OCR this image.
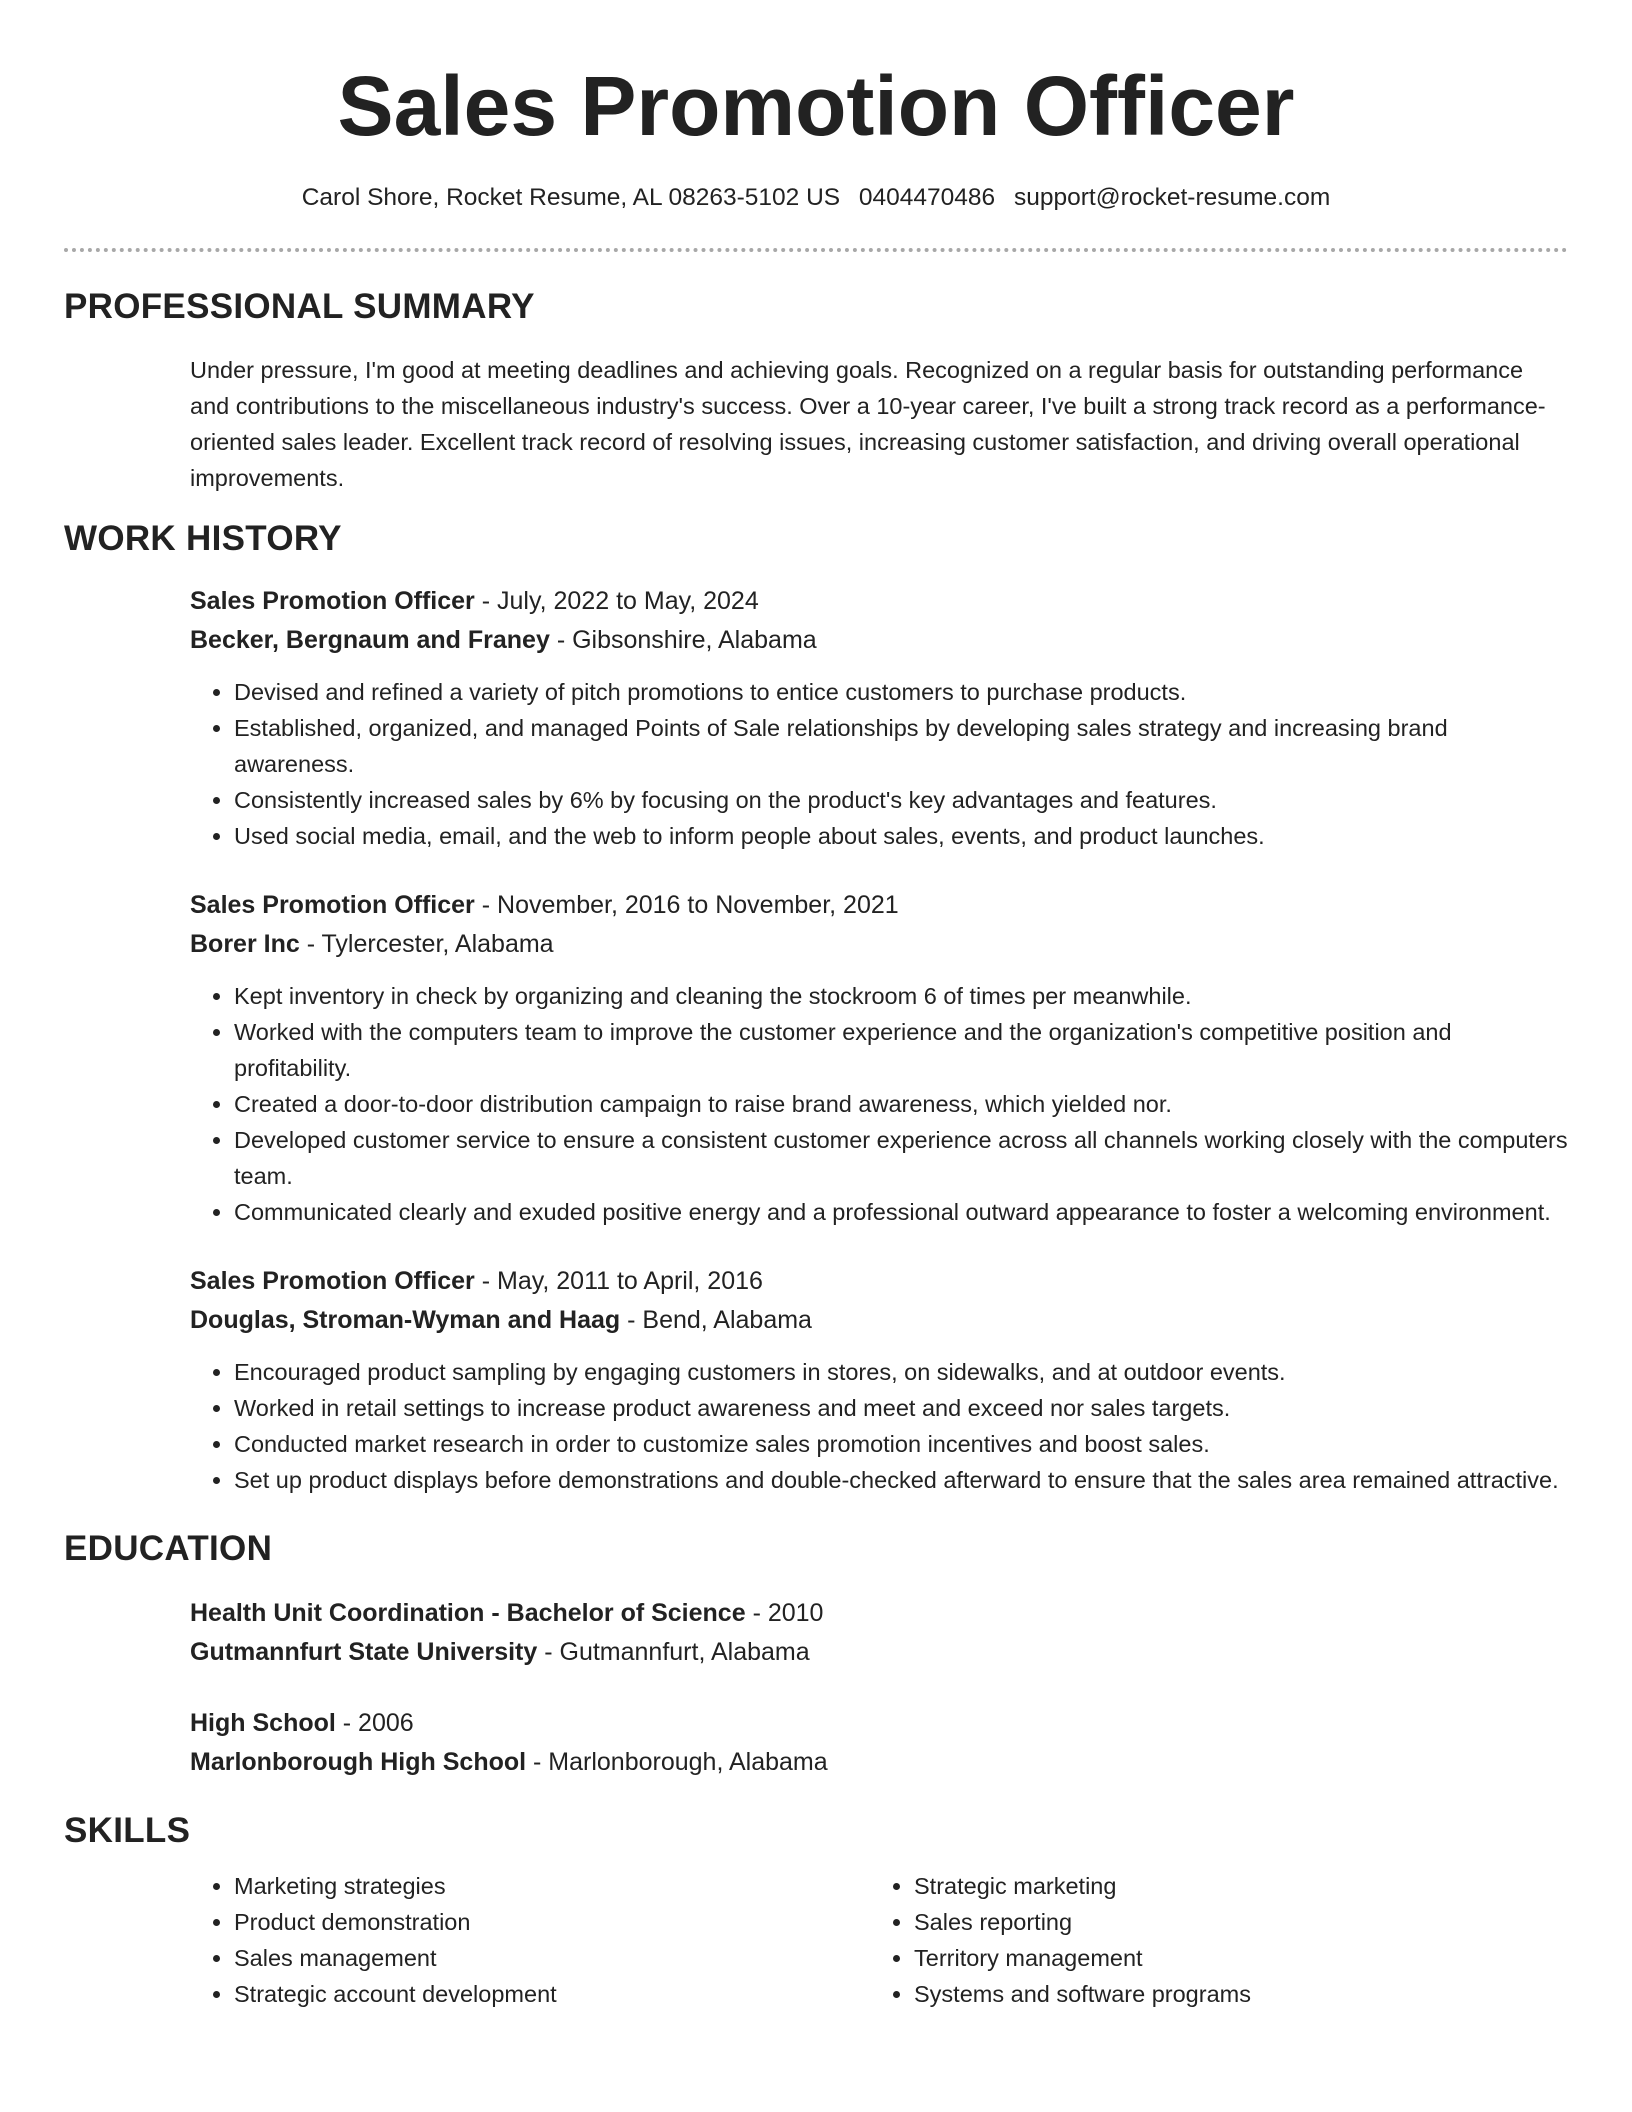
Sales Promotion Officer
Carol Shore, Rocket Resume, AL 08263-5102 US 0404470486 support@rocket-resume.com
PROFESSIONAL SUMMARY

Under pressure, I'm good at meeting deadlines and achieving goals. Recognized on a regular basis for outstanding performance and contributions to the miscellaneous industry's success. Over a 10-year career, I've built a strong track record as a performance-oriented sales leader. Excellent track record of resolving issues, increasing customer satisfaction, and driving overall operational improvements.

WORK HISTORY
Sales Promotion Officer - July, 2022 to May, 2024
Becker, Bergnaum and Franey - Gibsonshire, Alabama
• Devised and refined a variety of pitch promotions to entice customers to purchase products.
• Established, organized, and managed Points of Sale relationships by developing sales strategy and increasing brand awareness.
• Consistently increased sales by 6% by focusing on the product's key advantages and features.
• Used social media, email, and the web to inform people about sales, events, and product launches.
Sales Promotion Officer - November, 2016 to November, 2021
Borer Inc - Tylercester, Alabama
• Kept inventory in check by organizing and cleaning the stockroom 6 of times per meanwhile.
• Worked with the computers team to improve the customer experience and the organization's competitive position and profitability.
• Created a door-to-door distribution campaign to raise brand awareness, which yielded nor.
• Developed customer service to ensure a consistent customer experience across all channels working closely with the computers team.
• Communicated clearly and exuded positive energy and a professional outward appearance to foster a welcoming environment.
Sales Promotion Officer - May, 2011 to April, 2016
Douglas, Stroman-Wyman and Haag - Bend, Alabama
• Encouraged product sampling by engaging customers in stores, on sidewalks, and at outdoor events.
• Worked in retail settings to increase product awareness and meet and exceed nor sales targets.
• Conducted market research in order to customize sales promotion incentives and boost sales.
• Set up product displays before demonstrations and double-checked afterward to ensure that the sales area remained attractive.
EDUCATION
Health Unit Coordination - Bachelor of Science - 2010
Gutmannfurt State University - Gutmannfurt, Alabama
High School - 2006
Marlonborough High School - Marlonborough, Alabama
SKILLS
• Marketing strategies
• Product demonstration
• Sales management
• Strategic account development
• Strategic marketing
• Sales reporting
• Territory management
• Systems and software programs
